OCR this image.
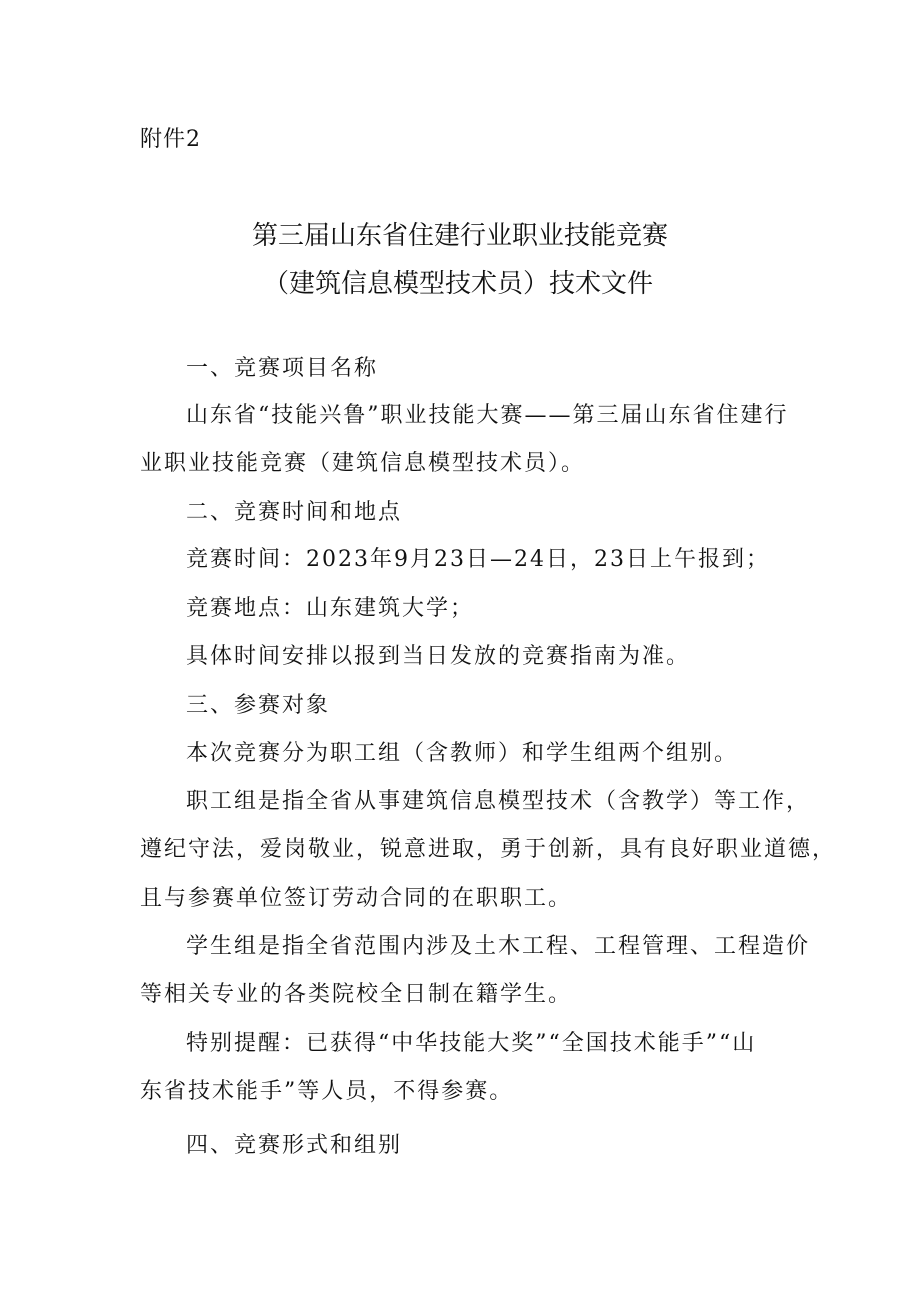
附件2
第三届山东省住建行业职业技能竞赛
（建筑信息模型技术员）技术文件
一、竞赛项目名称
山东省“技能兴鲁”职业技能大赛——第三届山东省住建行
业职业技能竞赛（建筑信息模型技术员）。
二、竞赛时间和地点
竞赛时间：2023年9月23日—24日，23日上午报到；
竞赛地点：山东建筑大学；
具体时间安排以报到当日发放的竞赛指南为准。
三、参赛对象
本次竞赛分为职工组（含教师）和学生组两个组别。
职工组是指全省从事建筑信息模型技术（含教学）等工作，
遵纪守法，爱岗敬业，锐意进取，勇于创新，具有良好职业道德，
且与参赛单位签订劳动合同的在职职工。
学生组是指全省范围内涉及土木工程、工程管理、工程造价
等相关专业的各类院校全日制在籍学生。
特别提醒：已获得“中华技能大奖”“全国技术能手”“山
东省技术能手”等人员，不得参赛。
四、竞赛形式和组别
